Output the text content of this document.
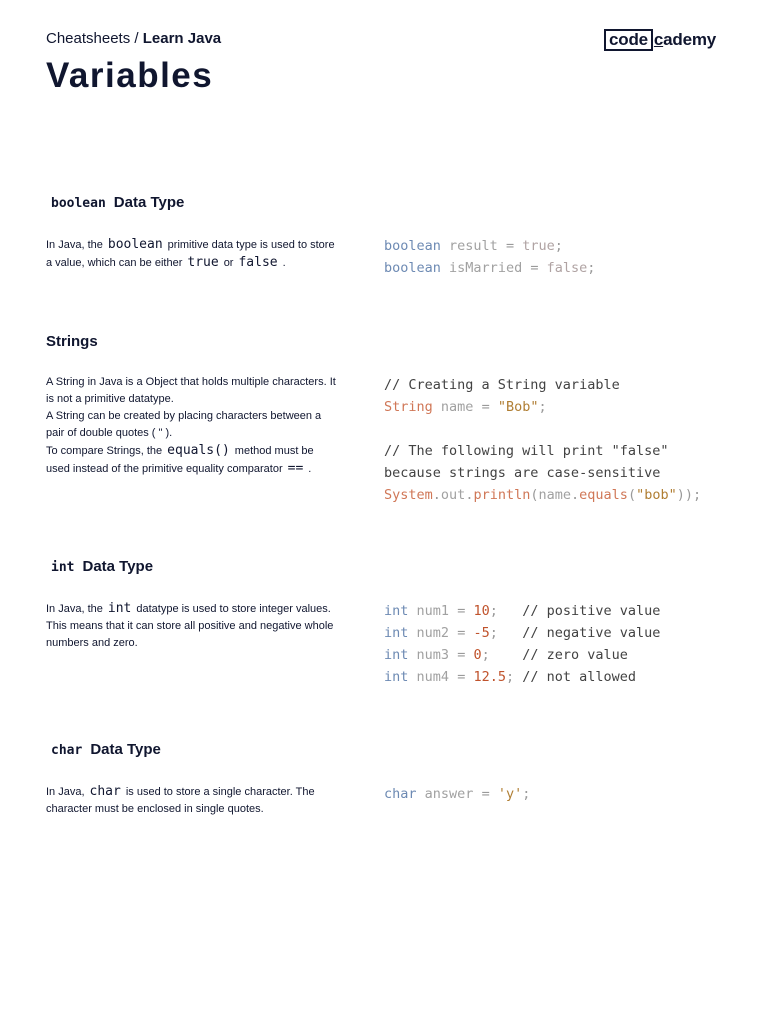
Cheatsheets / Learn Java	code cademy
Variables
boolean Data Type
In Java, the boolean primitive data type is used to store a value, which can be either true or false .
boolean result = true;
boolean isMarried = false;
Strings
A String in Java is a Object that holds multiple characters. It is not a primitive datatype.
A String can be created by placing characters between a pair of double quotes ( " ).
To compare Strings, the equals() method must be used instead of the primitive equality comparator == .
// Creating a String variable
String name = "Bob";
// The following will print "false"
because strings are case-sensitive
System.out.println(name.equals("bob"));
int Data Type
In Java, the int datatype is used to store integer values. This means that it can store all positive and negative whole numbers and zero.
int num1 = 10; // positive value
int num2 = -5; // negative value
int num3 = 0; // zero value
int num4 = 12.5; // not allowed
char Data Type
In Java, char is used to store a single character. The character must be enclosed in single quotes.
char answer = 'y';
